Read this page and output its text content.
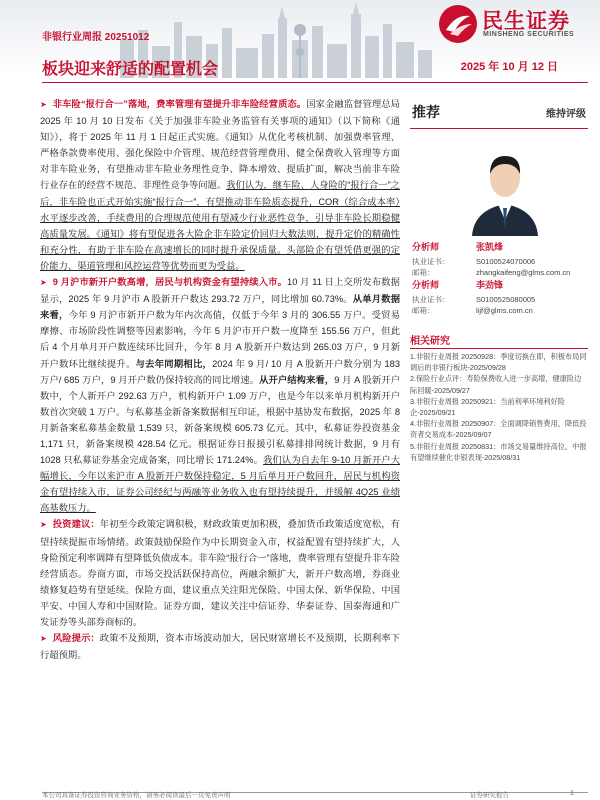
民生证券
MINSHENG SECURITIES
非银行业周报 20251012
板块迎来舒适的配置机会	2025 年 10 月 12 日

➤ 非车险“报行合一”落地，费率管理有望提升非车险经营质态。国家金融监督管理总局 2025 年 10 月 10 日发布《关于加强非车险业务监管有关事项的通知》（以下简称《通知》），将于 2025 年 11 月 1 日起正式实施。《通知》从优化考核机制、加强费率管理、严格条款费率使用、强化保险中介管理、规范经营管理费用、健全保费收入管理等方面对非车险业务，有望推动非车险业务理性竞争、降本增效、提质扩面，解决当前非车险行业存在的经营不规范、非理性竞争等问题。我们认为，继车险、人身险的“报行合一”之后，非车险也正式开始实施“报行合一”，有望推动非车险质态提升，COR（综合成本率）水平逐步改善，手续费用的合理规范使用有望减少行业恶性竞争，引导非车险长期稳健高质量发展。《通知》将有望促进各大险企非车险定价回归大数法则，提升定价的精确性和充分性，有助于非车险在高速增长的同时提升承保质量。头部险企有望凭借更强的定价能力、渠道管理和风控运营等优势而更为受益。

➤ 9 月沪市新开户数高增，居民与机构资金有望持续入市。10 月 11 日上交所发布数据显示，2025 年 9 月沪市 A 股新开户数达 293.72 万户，同比增加 60.73%。从单月数据来看，今年 9 月沪市新开户数为年内次高值，仅低于今年 3 月的 306.55 万户。受贸易摩擦、市场阶段性调整等因素影响，今年 5 月沪市开户数一度降至 155.56 万户，但此后 4 个月单月开户数连续环比回升，今年 8 月 A 股新开户数达到 265.03 万户，9 月新开户数环比继续提升。与去年同期相比，2024 年 9 月/ 10 月 A 股新开户数分别为 183 万户/ 685 万户，9 月开户数仍保持较高的同比增速。从开户结构来看，9 月 A 股新开户数中，个人新开户 292.63 万户，机构新开户 1.09 万户，也是今年以来单月机构新开户数首次突破 1 万户。与私募基金新备案数据相互印证，根据中基协发布数据，2025 年 8 月新备案私募基金数量 1,539 只，新备案规模 605.73 亿元。其中，私募证券投资基金 1,171 只，新备案规模 428.54 亿元。根据证券日报援引私募排排网统计数据，9 月有 1028 只私募证券基金完成备案，同比增长 171.24%。我们认为自去年 9-10 月新开户大幅增长，今年以来沪市 A 股新开户数保持稳定，5 月后单月开户数回升，居民与机构资金有望持续入市，证券公司经纪与两融等业务收入也有望持续提升，并缓解 4Q25 业绩高基数压力。

➤ 投资建议：年初至今政策定调积极，财政政策更加积极，叠加货币政策适度宽松，有望持续提振市场情绪。政策鼓励保险作为中长期资金入市，权益配置有望持续扩大，人身险预定利率调降有望降低负债成本。非车险“报行合一”落地，费率管理有望提升非车险经营质态。券商方面，市场交投活跃保持高位，两融余额扩大，新开户数高增，券商业绩修复趋势有望延续。保险方面，建议重点关注阳光保险、中国太保、新华保险、中国平安、中国人寿和中国财险。证券方面，建议关注中信证券、华泰证券、国泰海通和广发证券等头部券商标的。

➤ 风险提示：政策不及预期，资本市场波动加大，居民财富增长不及预期，长期利率下行超预期。

推荐	维持评级
分析师	张凯烽
执业证书：	S0100524070006
邮箱：	zhangkaifeng@glms.com.cn
分析师	李劲锋
执业证书：	S0100525080005
邮箱：	lijf@glms.com.cn
相关研究
1.非银行业周报 20250928：季度切换在即，积极布局同调后的非银行板块-2025/09/28
2.保险行业点评：寿险保费收入进一步高增，健康险边际回暖-2025/09/27
3.非银行业周报 20250921：当前利率环境利好险企-2025/09/21
4.非银行业周报 20250907：全面调降销售费用，降低投资者交易成本-2025/09/07
5.非银行业周报 20250831：市场交易量维持高位，中报有望继续催化非银表现-2025/08/31
本公司具备证券投资咨询业务资格，请务必阅读最后一页免责声明	证券研究报告	1
